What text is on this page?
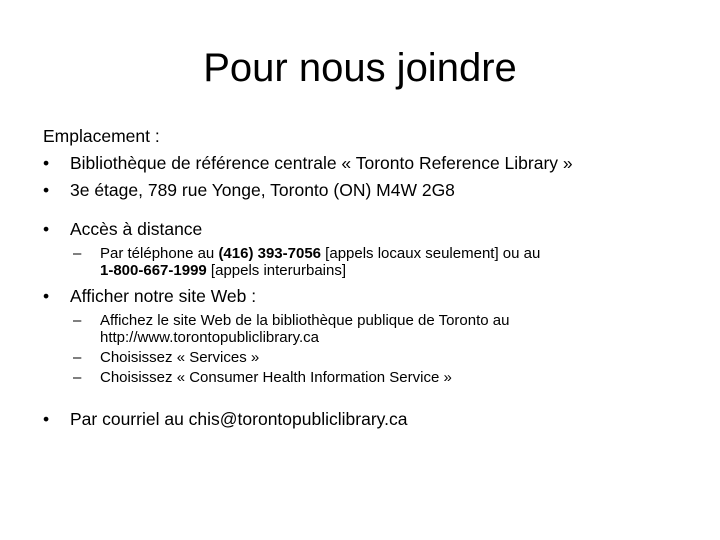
Pour nous joindre
Emplacement :
• Bibliothèque de référence centrale « Toronto Reference Library »
• 3e étage, 789 rue Yonge, Toronto (ON) M4W 2G8
• Accès à distance
– Par téléphone au (416) 393-7056 [appels locaux seulement] ou au
1-800-667-1999 [appels interurbains]
• Afficher notre site Web :
– Affichez le site Web de la bibliothèque publique de Toronto au
http://www.torontopubliclibrary.ca
– Choisissez « Services »
– Choisissez « Consumer Health Information Service »
• Par courriel au chis@torontopubliclibrary.ca
